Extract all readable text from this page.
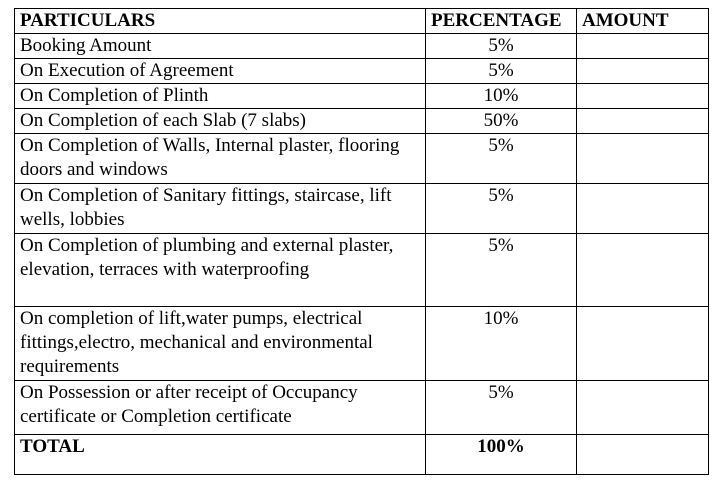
PARTICULARS	PERCENTAGE	AMOUNT
Booking Amount	5%	
On Execution of Agreement	5%	
On Completion of Plinth	10%	
On Completion of each Slab (7 slabs)	50%	
On Completion of Walls, Internal plaster, flooring doors and windows	5%	
On Completion of Sanitary fittings, staircase, lift wells, lobbies	5%	
On Completion of plumbing and external plaster, elevation, terraces with waterproofing	5%	
On completion of lift,water pumps, electrical fittings,electro, mechanical and environmental requirements	10%	
On Possession or after receipt of Occupancy certificate or Completion certificate	5%	
TOTAL	100%	
